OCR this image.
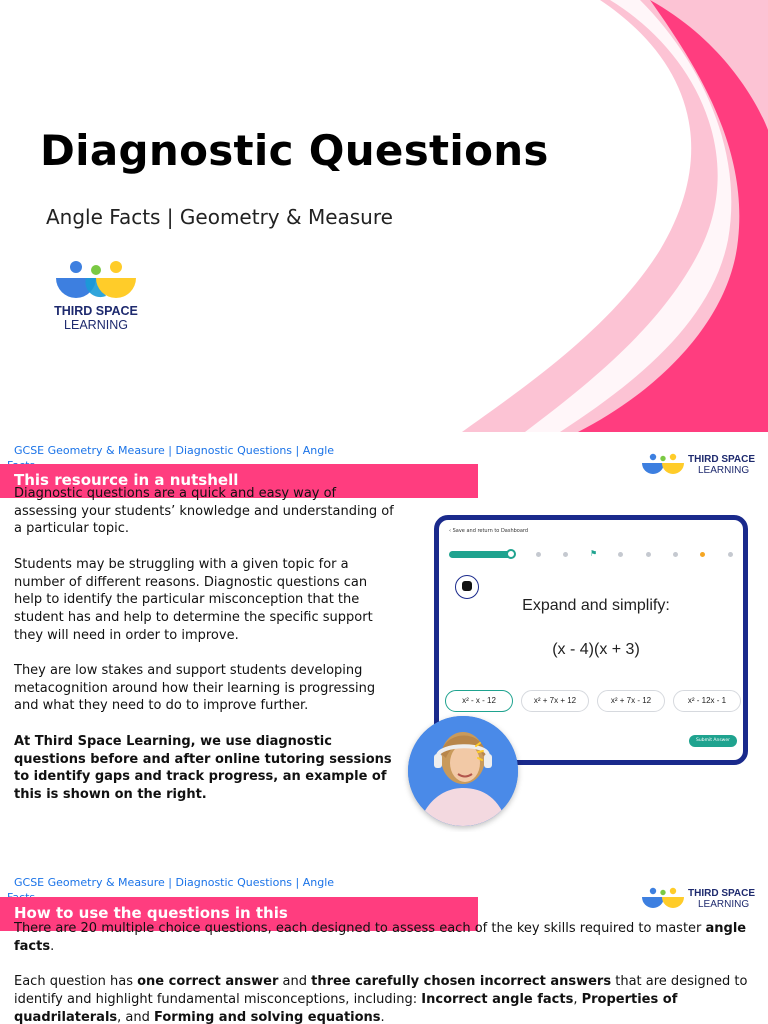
Diagnostic Questions
Angle Facts | Geometry & Measure
THIRD SPACE
LEARNING
GCSE Geometry & Measure | Diagnostic Questions | Angle
THIRD SPACE
LEARNING
This resource in a nutshell

Diagnostic questions are a quick and easy way of assessing your students’ knowledge and understanding of a particular topic.

Students may be struggling with a given topic for a number of different reasons. Diagnostic questions can help to identify the particular misconception that the student has and help to determine the specific support they will need in order to improve.

They are low stakes and support students developing metacognition around how their learning is progressing and what they need to do to improve further.

At Third Space Learning, we use diagnostic questions before and after online tutoring sessions to identify gaps and track progress, an example of this is shown on the right.

‹ Save and return to Dashboard
⚑
Expand and simplify:
(x - 4)(x + 3)
x² - x - 12	x² + 7x + 12	x² + 7x - 12	x² - 12x - 1
Submit Answer
GCSE Geometry & Measure | Diagnostic Questions | Angle
THIRD SPACE
LEARNING
How to use the questions in this

There are 20 multiple choice questions, each designed to assess each of the key skills required to master angle facts.

Each question has one correct answer and three carefully chosen incorrect answers that are designed to identify and highlight fundamental misconceptions, including: Incorrect angle facts, Properties of quadrilaterals, and Forming and solving equations.
